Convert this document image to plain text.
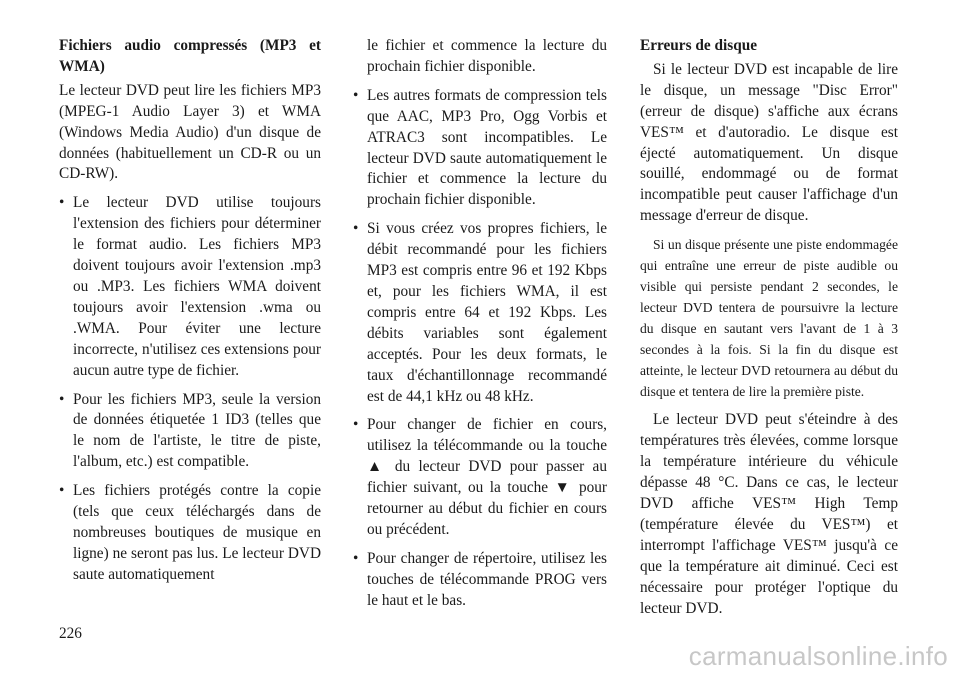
Fichiers audio compressés (MP3 et WMA)

Le lecteur DVD peut lire les fichiers MP3 (MPEG-1 Audio Layer 3) et WMA (Windows Media Audio) d'un disque de données (habituellement un CD-R ou un CD-RW).

• Le lecteur DVD utilise toujours l'extension des fichiers pour déterminer le format audio. Les fichiers MP3 doivent toujours avoir l'extension .mp3 ou .MP3. Les fichiers WMA doivent toujours avoir l'extension .wma ou .WMA. Pour éviter une lecture incorrecte, n'utilisez ces extensions pour aucun autre type de fichier.
• Pour les fichiers MP3, seule la version de données étiquetée 1 ID3 (telles que le nom de l'artiste, le titre de piste, l'album, etc.) est compatible.
• Les fichiers protégés contre la copie (tels que ceux téléchargés dans de nombreuses boutiques de musique en ligne) ne seront pas lus. Le lecteur DVD saute automatiquement

le fichier et commence la lecture du prochain fichier disponible.

• Les autres formats de compression tels que AAC, MP3 Pro, Ogg Vorbis et ATRAC3 sont incompatibles. Le lecteur DVD saute automatiquement le fichier et commence la lecture du prochain fichier disponible.
• Si vous créez vos propres fichiers, le débit recommandé pour les fichiers MP3 est compris entre 96 et 192 Kbps et, pour les fichiers WMA, il est compris entre 64 et 192 Kbps. Les débits variables sont également acceptés. Pour les deux formats, le taux d'échantillonnage recommandé est de 44,1 kHz ou 48 kHz.
• Pour changer de fichier en cours, utilisez la télécommande ou la touche ▲ du lecteur DVD pour passer au fichier suivant, ou la touche ▼ pour retourner au début du fichier en cours ou précédent.
• Pour changer de répertoire, utilisez les touches de télécommande PROG vers le haut et le bas.

Erreurs de disque

Si le lecteur DVD est incapable de lire le disque, un message "Disc Error" (erreur de disque) s'affiche aux écrans VES™ et d'autoradio. Le disque est éjecté automatiquement. Un disque souillé, endommagé ou de format incompatible peut causer l'affichage d'un message d'erreur de disque.

Si un disque présente une piste endommagée qui entraîne une erreur de piste audible ou visible qui persiste pendant 2 secondes, le lecteur DVD tentera de poursuivre la lecture du disque en sautant vers l'avant de 1 à 3 secondes à la fois. Si la fin du disque est atteinte, le lecteur DVD retournera au début du disque et tentera de lire la première piste.

Le lecteur DVD peut s'éteindre à des températures très élevées, comme lorsque la température intérieure du véhicule dépasse 48 °C. Dans ce cas, le lecteur DVD affiche VES™ High Temp (température élevée du VES™) et interrompt l'affichage VES™ jusqu'à ce que la température ait diminué. Ceci est nécessaire pour protéger l'optique du lecteur DVD.

226
carmanualsonline.info
